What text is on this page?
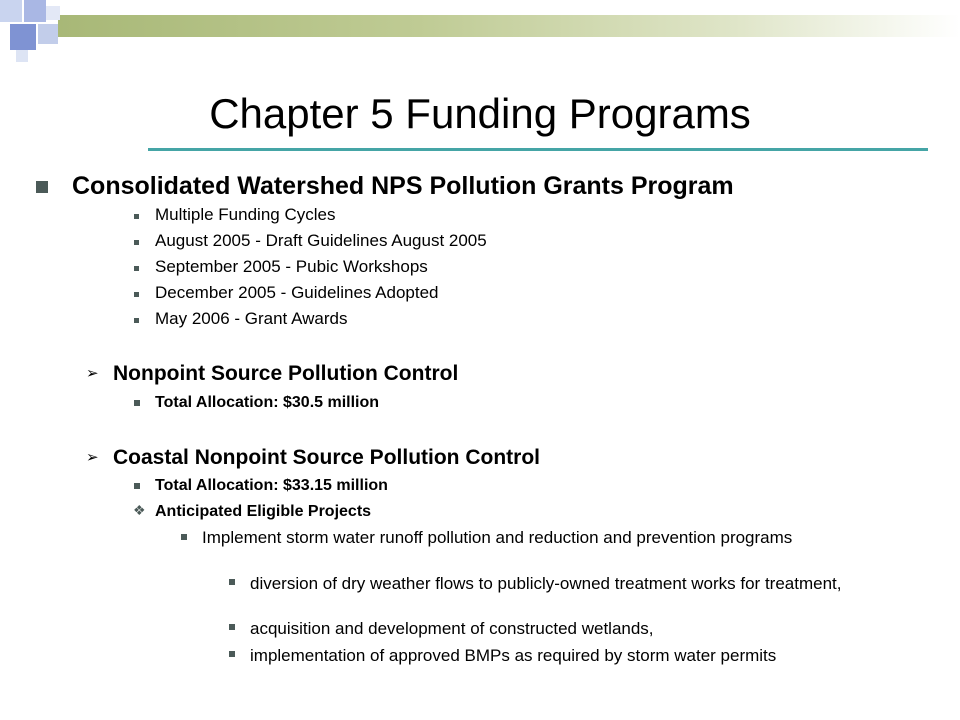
Chapter 5 Funding Programs
Consolidated Watershed NPS Pollution Grants Program
Multiple Funding Cycles
August 2005 - Draft Guidelines August 2005
September 2005 - Pubic Workshops
December 2005 - Guidelines Adopted
May 2006 - Grant Awards
➢ Nonpoint Source Pollution Control
Total Allocation: $30.5 million
➢ Coastal Nonpoint Source Pollution Control
Total Allocation: $33.15 million
❖ Anticipated Eligible Projects
Implement storm water runoff pollution and reduction and prevention programs
diversion of dry weather flows to publicly-owned treatment works for treatment,
acquisition and development of constructed wetlands,
implementation of approved BMPs as required by storm water permits
